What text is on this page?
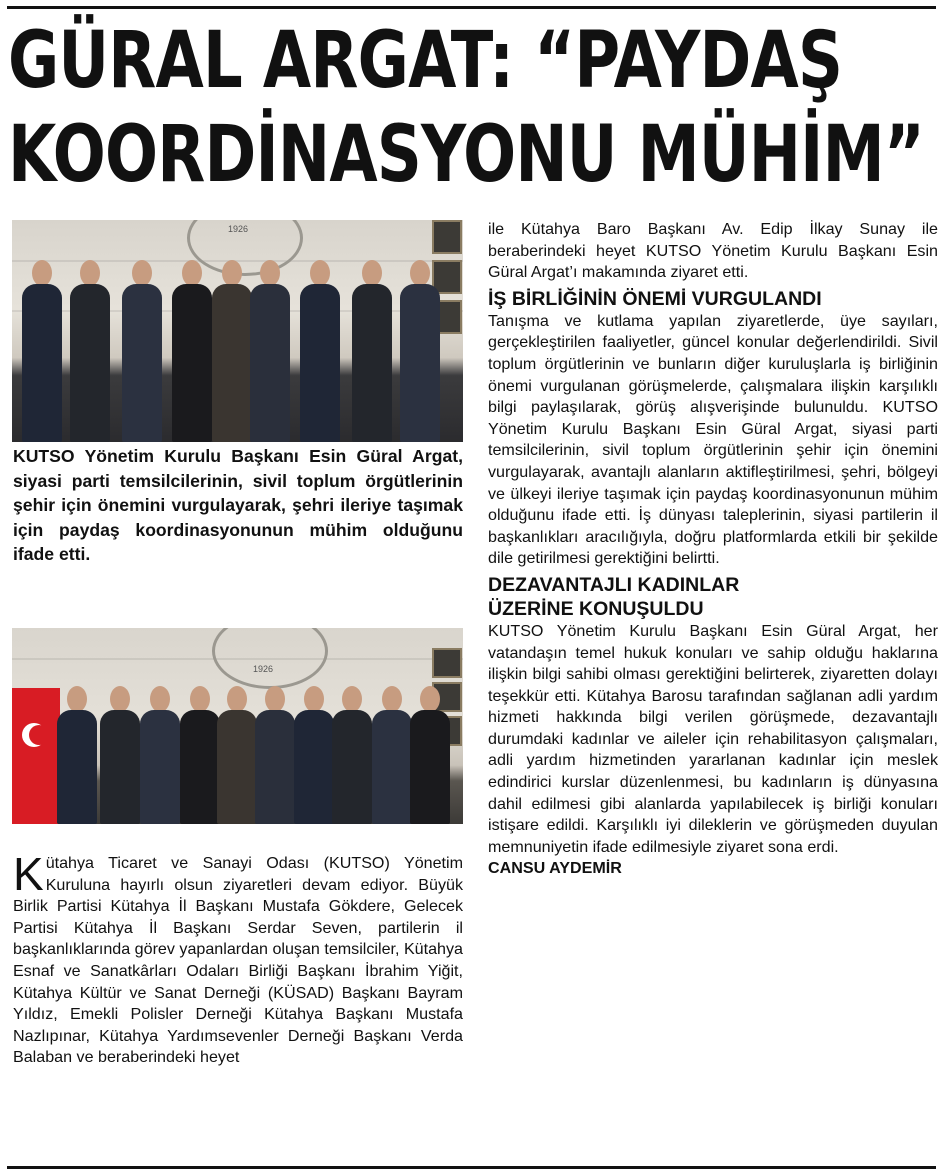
GÜRAL ARGAT: “PAYDAŞ
KOORDİNASYONU MÜHİM”
1926
1926

KUTSO Yönetim Kurulu Başkanı Esin Güral Argat, siyasi parti temsilcilerinin, sivil toplum örgütlerinin şehir için önemini vurgulayarak, şehri ileriye taşımak için paydaş koordinasyonunun mühim olduğunu ifade etti.

Kütahya Ticaret ve Sanayi Odası (KUTSO) Yönetim Kuruluna hayırlı olsun ziyaretleri devam ediyor. Büyük Birlik Partisi Kütahya İl Başkanı Mustafa Gökdere, Gelecek Partisi Kütahya İl Başkanı Serdar Seven, partilerin il başkanlıklarında görev yapanlardan oluşan temsilciler, Kütahya Esnaf ve Sanatkârları Odaları Birliği Başkanı İbrahim Yiğit, Kütahya Kültür ve Sanat Derneği (KÜSAD) Başkanı Bayram Yıldız, Emekli Polisler Derneği Kütahya Başkanı Mustafa Nazlıpınar, Kütahya Yardımsevenler Derneği Başkanı Verda Balaban ve beraberindeki heyet

ile Kütahya Baro Başkanı Av. Edip İlkay Sunay ile beraberindeki heyet KUTSO Yönetim Kurulu Başkanı Esin Güral Argat’ı makamında ziyaret etti.

İŞ BİRLİĞİNİN ÖNEMİ VURGULANDI

Tanışma ve kutlama yapılan ziyaretlerde, üye sayıları, gerçekleştirilen faaliyetler, güncel konular değerlendirildi. Sivil toplum örgütlerinin ve bunların diğer kuruluşlarla iş birliğinin önemi vurgulanan görüşmelerde, çalışmalara ilişkin karşılıklı bilgi paylaşılarak, görüş alışverişinde bulunuldu. KUTSO Yönetim Kurulu Başkanı Esin Güral Argat, siyasi parti temsilcilerinin, sivil toplum örgütlerinin şehir için önemini vurgulayarak, avantajlı alanların aktifleştirilmesi, şehri, bölgeyi ve ülkeyi ileriye taşımak için paydaş koordinasyonunun mühim olduğunu ifade etti. İş dünyası taleplerinin, siyasi partilerin il başkanlıkları aracılığıyla, doğru platformlarda etkili bir şekilde dile getirilmesi gerektiğini belirtti.

DEZAVANTAJLI KADINLAR
ÜZERİNE KONUŞULDU

KUTSO Yönetim Kurulu Başkanı Esin Güral Argat, her vatandaşın temel hukuk konuları ve sahip olduğu haklarına ilişkin bilgi sahibi olması gerektiğini belirterek, ziyaretten dolayı teşekkür etti. Kütahya Barosu tarafından sağlanan adli yardım hizmeti hakkında bilgi verilen görüşmede, dezavantajlı durumdaki kadınlar ve aileler için rehabilitasyon çalışmaları, adli yardım hizmetinden yararlanan kadınlar için meslek edindirici kurslar düzenlenmesi, bu kadınların iş dünyasına dahil edilmesi gibi alanlarda yapılabilecek iş birliği konuları istişare edildi. Karşılıklı iyi dileklerin ve görüşmeden duyulan memnuniyetin ifade edilmesiyle ziyaret sona erdi.

CANSU AYDEMİR
